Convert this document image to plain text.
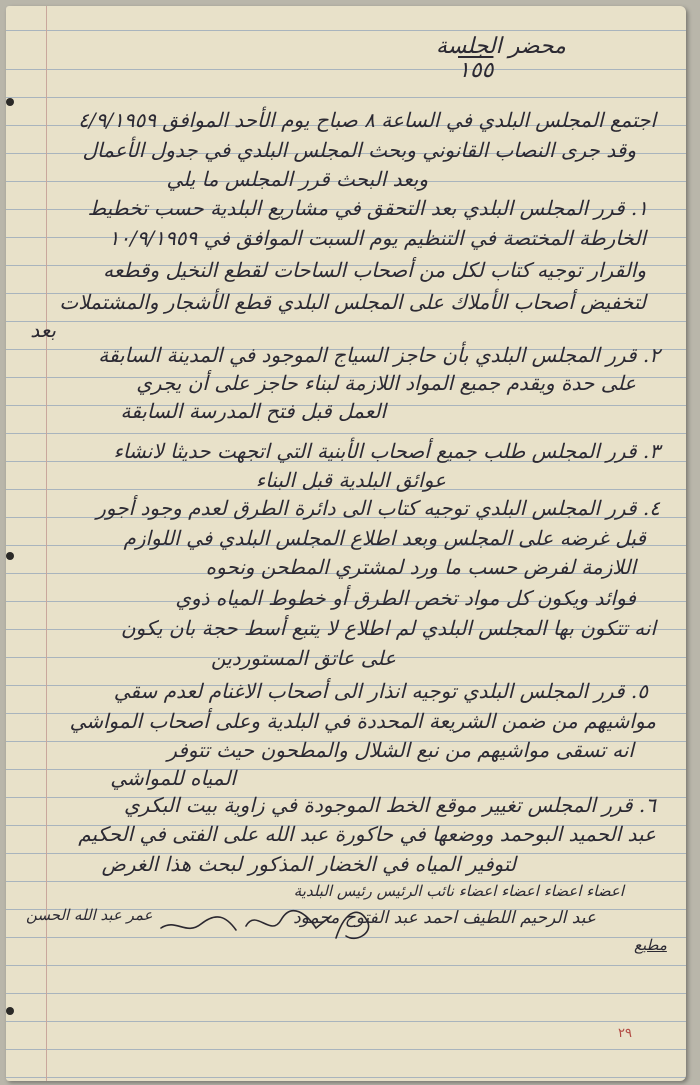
محضر الجلسة

١٥٥

اجتمع المجلس البلدي في الساعة ٨ صباح يوم الأحد الموافق ٤/٩/١٩٥٩

وقد جرى النصاب القانوني وبحث المجلس البلدي في جدول الأعمال

وبعد البحث قرر المجلس ما يلي

١. قرر المجلس البلدي بعد التحقق في مشاريع البلدية حسب تخطيط

الخارطة المختصة في التنظيم يوم السبت الموافق في ١٠/٩/١٩٥٩

والقرار توجيه كتاب لكل من أصحاب الساحات لقطع النخيل وقطعه

لتخفيض أصحاب الأملاك على المجلس البلدي قطع الأشجار والمشتملات

بعد

٢. قرر المجلس البلدي بأن حاجز السياج الموجود في المدينة السابقة

على حدة ويقدم جميع المواد اللازمة لبناء حاجز على أن يجري

العمل قبل فتح المدرسة السابقة

٣. قرر المجلس طلب جميع أصحاب الأبنية التي اتجهت حديثا لانشاء

عوائق البلدية قبل البناء

٤. قرر المجلس البلدي توجيه كتاب الى دائرة الطرق لعدم وجود أجور

قبل غرضه على المجلس وبعد اطلاع المجلس البلدي في اللوازم

اللازمة لفرض حسب ما ورد لمشتري المطحن ونحوه

فوائد ويكون كل مواد تخص الطرق أو خطوط المياه ذوي

انه تتكون بها المجلس البلدي لم اطلاع لا يتبع أسط حجة بان يكون

على عاتق المستوردين

٥. قرر المجلس البلدي توجيه انذار الى أصحاب الاغنام لعدم سقي

مواشيهم من ضمن الشريعة المحددة في البلدية وعلى أصحاب المواشي

انه تسقى مواشيهم من نبع الشلال والمطحون حيث تتوفر

المياه للمواشي

٦. قرر المجلس تغيير موقع الخط الموجودة في زاوية بيت البكري

عبد الحميد البوحمد ووضعها في حاكورة عبد الله على الفتى في الحكيم

لتوفير المياه في الخضار المذكور لبحث هذا الغرض

اعضاء اعضاء اعضاء اعضاء نائب الرئيس رئيس البلدية

عبد الرحيم اللطيف احمد عبد الفتوح محمود

عمر عبد الله الحسن

مطيع

٢٩
